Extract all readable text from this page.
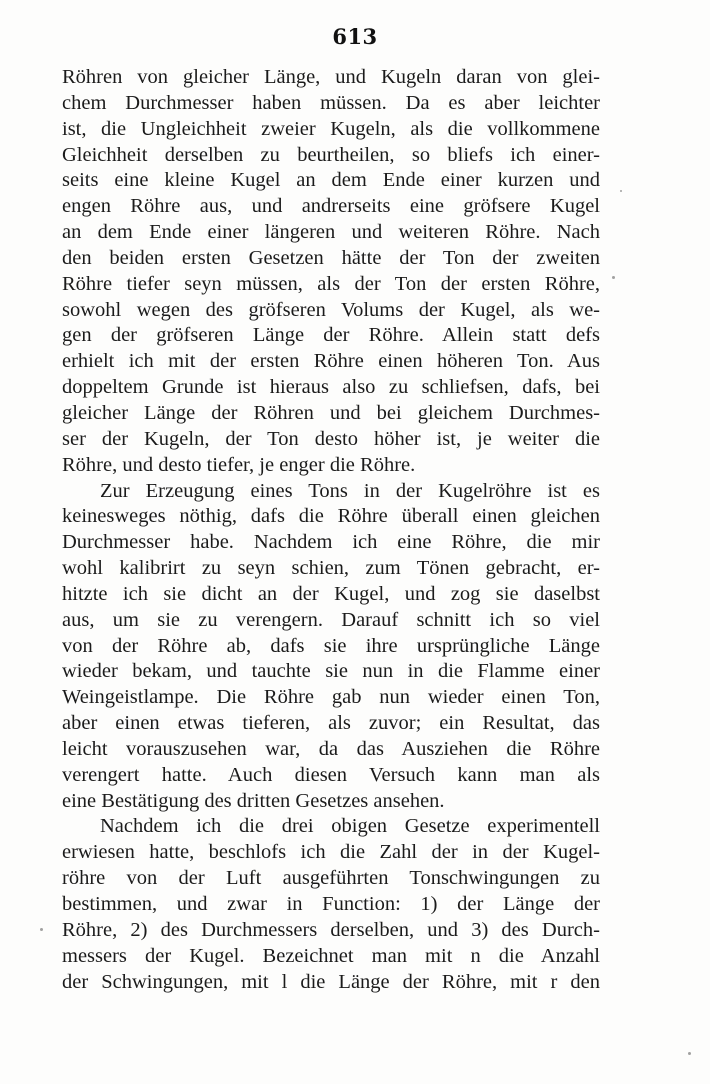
613
Röhren von gleicher Länge, und Kugeln daran von glei-
chem Durchmesser haben müssen. Da es aber leichter
ist, die Ungleichheit zweier Kugeln, als die vollkommene
Gleichheit derselben zu beurtheilen, so bliefs ich einer-
seits eine kleine Kugel an dem Ende einer kurzen und
engen Röhre aus, und andrerseits eine gröfsere Kugel
an dem Ende einer längeren und weiteren Röhre. Nach
den beiden ersten Gesetzen hätte der Ton der zweiten
Röhre tiefer seyn müssen, als der Ton der ersten Röhre,
sowohl wegen des gröfseren Volums der Kugel, als we-
gen der gröfseren Länge der Röhre. Allein statt defs
erhielt ich mit der ersten Röhre einen höheren Ton. Aus
doppeltem Grunde ist hieraus also zu schliefsen, dafs, bei
gleicher Länge der Röhren und bei gleichem Durchmes-
ser der Kugeln, der Ton desto höher ist, je weiter die
Röhre, und desto tiefer, je enger die Röhre.
Zur Erzeugung eines Tons in der Kugelröhre ist es
keinesweges nöthig, dafs die Röhre überall einen gleichen
Durchmesser habe. Nachdem ich eine Röhre, die mir
wohl kalibrirt zu seyn schien, zum Tönen gebracht, er-
hitzte ich sie dicht an der Kugel, und zog sie daselbst
aus, um sie zu verengern. Darauf schnitt ich so viel
von der Röhre ab, dafs sie ihre ursprüngliche Länge
wieder bekam, und tauchte sie nun in die Flamme einer
Weingeistlampe. Die Röhre gab nun wieder einen Ton,
aber einen etwas tieferen, als zuvor; ein Resultat, das
leicht vorauszusehen war, da das Ausziehen die Röhre
verengert hatte. Auch diesen Versuch kann man als
eine Bestätigung des dritten Gesetzes ansehen.
Nachdem ich die drei obigen Gesetze experimentell
erwiesen hatte, beschlofs ich die Zahl der in der Kugel-
röhre von der Luft ausgeführten Tonschwingungen zu
bestimmen, und zwar in Function: 1) der Länge der
Röhre, 2) des Durchmessers derselben, und 3) des Durch-
messers der Kugel. Bezeichnet man mit n die Anzahl
der Schwingungen, mit l die Länge der Röhre, mit r den
